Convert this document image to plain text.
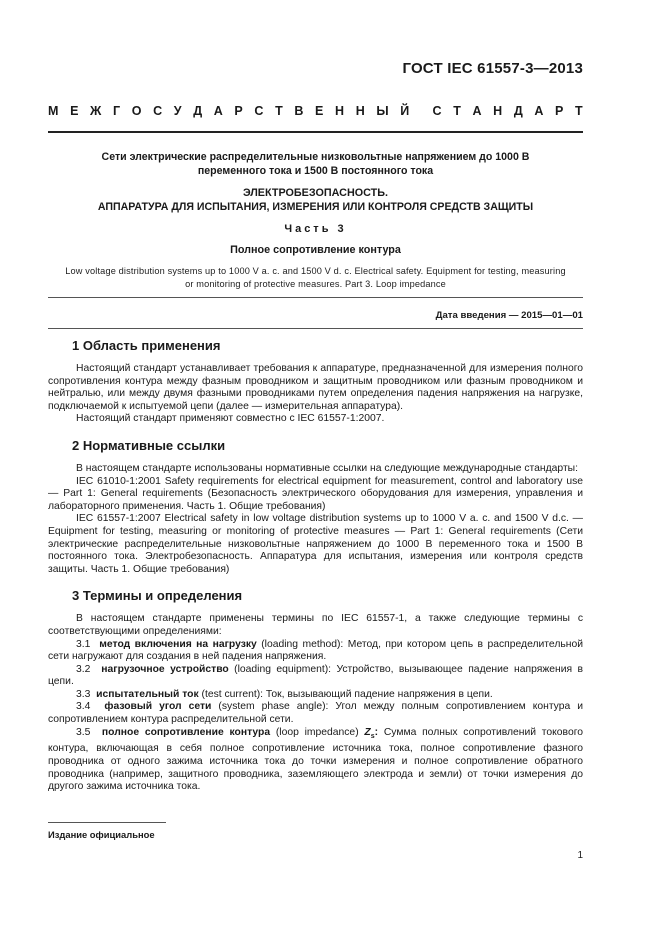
ГОСТ IEC 61557-3—2013
М Е Ж Г О С У Д А Р С Т В Е Н Н Ы Й С Т А Н Д А Р Т

Сети электрические распределительные низковольтные напряжением до 1000 В

переменного тока и 1500 В постоянного тока

ЭЛЕКТРОБЕЗОПАСНОСТЬ.

АППАРАТУРА ДЛЯ ИСПЫТАНИЯ, ИЗМЕРЕНИЯ ИЛИ КОНТРОЛЯ СРЕДСТВ ЗАЩИТЫ

Часть 3

Полное сопротивление контура

Low voltage distribution systems up to 1000 V a. c. and 1500 V d. c. Electrical safety. Equipment for testing, measuring
or monitoring of protective measures. Part 3. Loop impedance

Дата введения — 2015—01—01
1 Область применения

Настоящий стандарт устанавливает требования к аппаратуре, предназначенной для измерения полного сопротивления контура между фазным проводником и защитным проводником или фазным проводником и нейтралью, или между двумя фазными проводниками путем определения падения напряжения на нагрузке, подключаемой к испытуемой цепи (далее — измерительная аппаратура).

Настоящий стандарт применяют совместно с IEC 61557-1:2007.

2 Нормативные ссылки

В настоящем стандарте использованы нормативные ссылки на следующие международные стандарты:

IEC 61010-1:2001 Safety requirements for electrical equipment for measurement, control and laboratory use — Part 1: General requirements (Безопасность электрического оборудования для измерения, управления и лабораторного применения. Часть 1. Общие требования)

IEC 61557-1:2007 Electrical safety in low voltage distribution systems up to 1000 V a. c. and 1500 V d.c. — Equipment for testing, measuring or monitoring of protective measures — Part 1: General requirements (Сети электрические распределительные низковольтные напряжением до 1000 В переменного тока и 1500 В постоянного тока. Электробезопасность. Аппаратура для испытания, измерения или контроля средств защиты. Часть 1. Общие требования)

3 Термины и определения

В настоящем стандарте применены термины по IEC 61557-1, а также следующие термины с соответствующими определениями:

3.1 метод включения на нагрузку (loading method): Метод, при котором цепь в распределительной сети нагружают для создания в ней падения напряжения.

3.2 нагрузочное устройство (loading equipment): Устройство, вызывающее падение напряжения в цепи.

3.3 испытательный ток (test current): Ток, вызывающий падение напряжения в цепи.

3.4 фазовый угол сети (system phase angle): Угол между полным сопротивлением контура и сопротивлением контура распределительной сети.

3.5 полное сопротивление контура (loop impedance) $Z_s$: Сумма полных сопротивлений токового контура, включающая в себя полное сопротивление источника тока, полное сопротивление фазного проводника от одного зажима источника тока до точки измерения и полное сопротивление обратного проводника (например, защитного проводника, заземляющего электрода и земли) от точки измерения до другого зажима источника тока.

Издание официальное
1
